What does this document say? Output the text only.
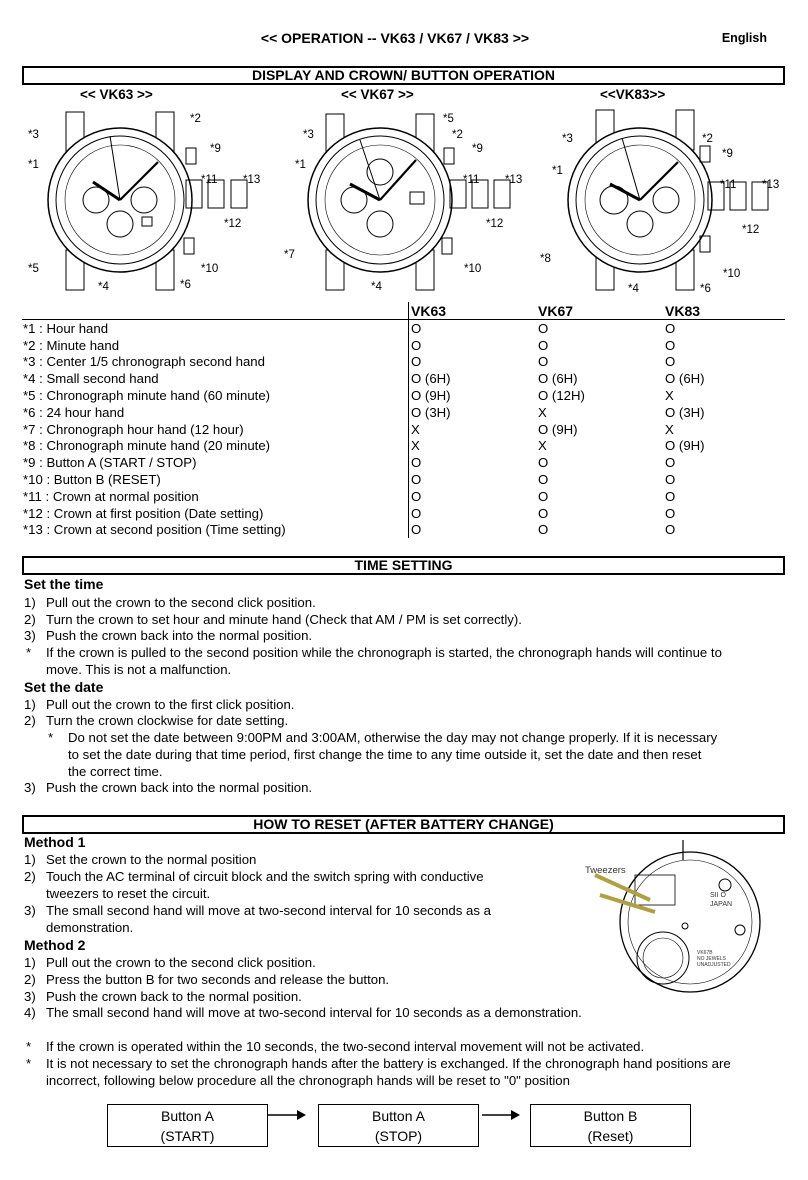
<< OPERATION -- VK63 / VK67 / VK83 >>	English
DISPLAY AND CROWN/ BUTTON OPERATION
<< VK63 >>	<< VK67 >>	<<VK83>>
*3
*2
*9
*1
*11 *13
*12
*5	*10
*4	*6
*3
*5
*2
*9
*1
*11 *13
*12
*7
*10
*4
*3	*2
*9
*1
*11 *13
*12
*8
*10
*4	*6
	VK63	VK67	VK83
*1 : Hour hand	O	O	O
*2 : Minute hand	O	O	O
*3 : Center 1/5 chronograph second hand	O	O	O
*4 : Small second hand	O (6H)	O (6H)	O (6H)
*5 : Chronograph minute hand (60 minute)	O (9H)	O (12H)	X
*6 : 24 hour hand	O (3H)	X	O (3H)
*7 : Chronograph hour hand (12 hour)	X	O (9H)	X
*8 : Chronograph minute hand (20 minute)	X	X	O (9H)
*9 : Button A (START / STOP)	O	O	O
*10 : Button B (RESET)	O	O	O
*11 : Crown at normal position	O	O	O
*12 : Crown at first position (Date setting)	O	O	O
*13 : Crown at second position (Time setting)	O	O	O
TIME SETTING
Set the time
1) Pull out the crown to the second click position.
2) Turn the crown to set hour and minute hand (Check that AM / PM is set correctly).
3) Push the crown back into the normal position.
* If the crown is pulled to the second position while the chronograph is started, the chronograph hands will continue to
move. This is not a malfunction.
Set the date
1) Pull out the crown to the first click position.
2) Turn the crown clockwise for date setting.
* Do not set the date between 9:00PM and 3:00AM, otherwise the day may not change properly. If it is necessary
to set the date during that time period, first change the time to any time outside it, set the date and then reset
the correct time.
3) Push the crown back into the normal position.
HOW TO RESET (AFTER BATTERY CHANGE)
Method 1
1) Set the crown to the normal position
2) Touch the AC terminal of circuit block and the switch spring with conductive
tweezers to reset the circuit.
3) The small second hand will move at two-second interval for 10 seconds as a
demonstration.
Method 2
1) Pull out the crown to the second click position.
2) Press the button B for two seconds and release the button.
3) Push the crown back to the normal position.
4) The small second hand will move at two-second interval for 10 seconds as a demonstration.
* If the crown is operated within the 10 seconds, the two-second interval movement will not be activated.
* It is not necessary to set the chronograph hands after the battery is exchanged. If the chronograph hand positions are
incorrect, following below procedure all the chronograph hands will be reset to "0" position
Tweezers
SII O
JAPAN
VK67B
NO JEWELS
UNADJUSTED
Button A
(START)
Button A
(STOP)
Button B
(Reset)
